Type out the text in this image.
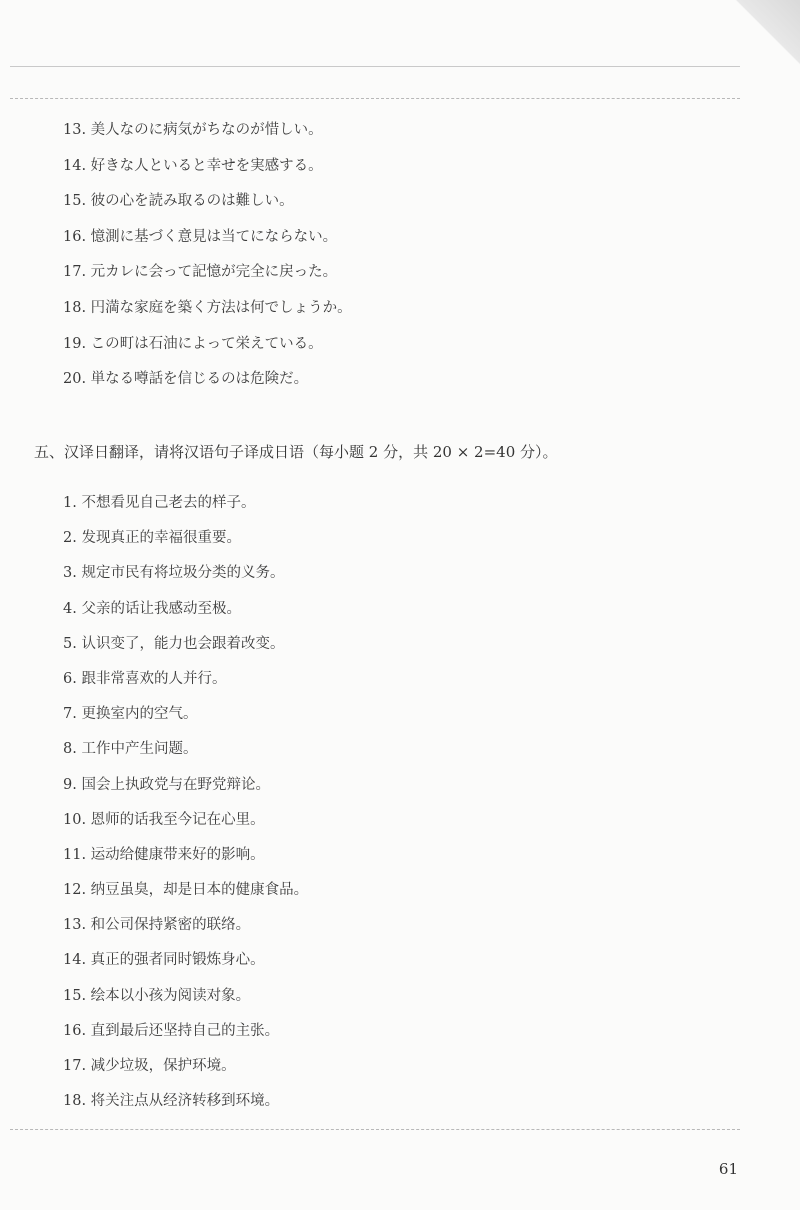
13. 美人なのに病気がちなのが惜しい。
14. 好きな人といると幸せを実感する。
15. 彼の心を読み取るのは難しい。
16. 憶測に基づく意見は当てにならない。
17. 元カレに会って記憶が完全に戻った。
18. 円満な家庭を築く方法は何でしょうか。
19. この町は石油によって栄えている。
20. 単なる噂話を信じるのは危険だ。
五、汉译日翻译，请将汉语句子译成日语（每小题 2 分，共 20 × 2=40 分）。
1. 不想看见自己老去的样子。
2. 发现真正的幸福很重要。
3. 规定市民有将垃圾分类的义务。
4. 父亲的话让我感动至极。
5. 认识变了，能力也会跟着改变。
6. 跟非常喜欢的人并行。
7. 更换室内的空气。
8. 工作中产生问题。
9. 国会上执政党与在野党辩论。
10. 恩师的话我至今记在心里。
11. 运动给健康带来好的影响。
12. 纳豆虽臭，却是日本的健康食品。
13. 和公司保持紧密的联络。
14. 真正的强者同时锻炼身心。
15. 绘本以小孩为阅读对象。
16. 直到最后还坚持自己的主张。
17. 减少垃圾，保护环境。
18. 将关注点从经济转移到环境。
61
